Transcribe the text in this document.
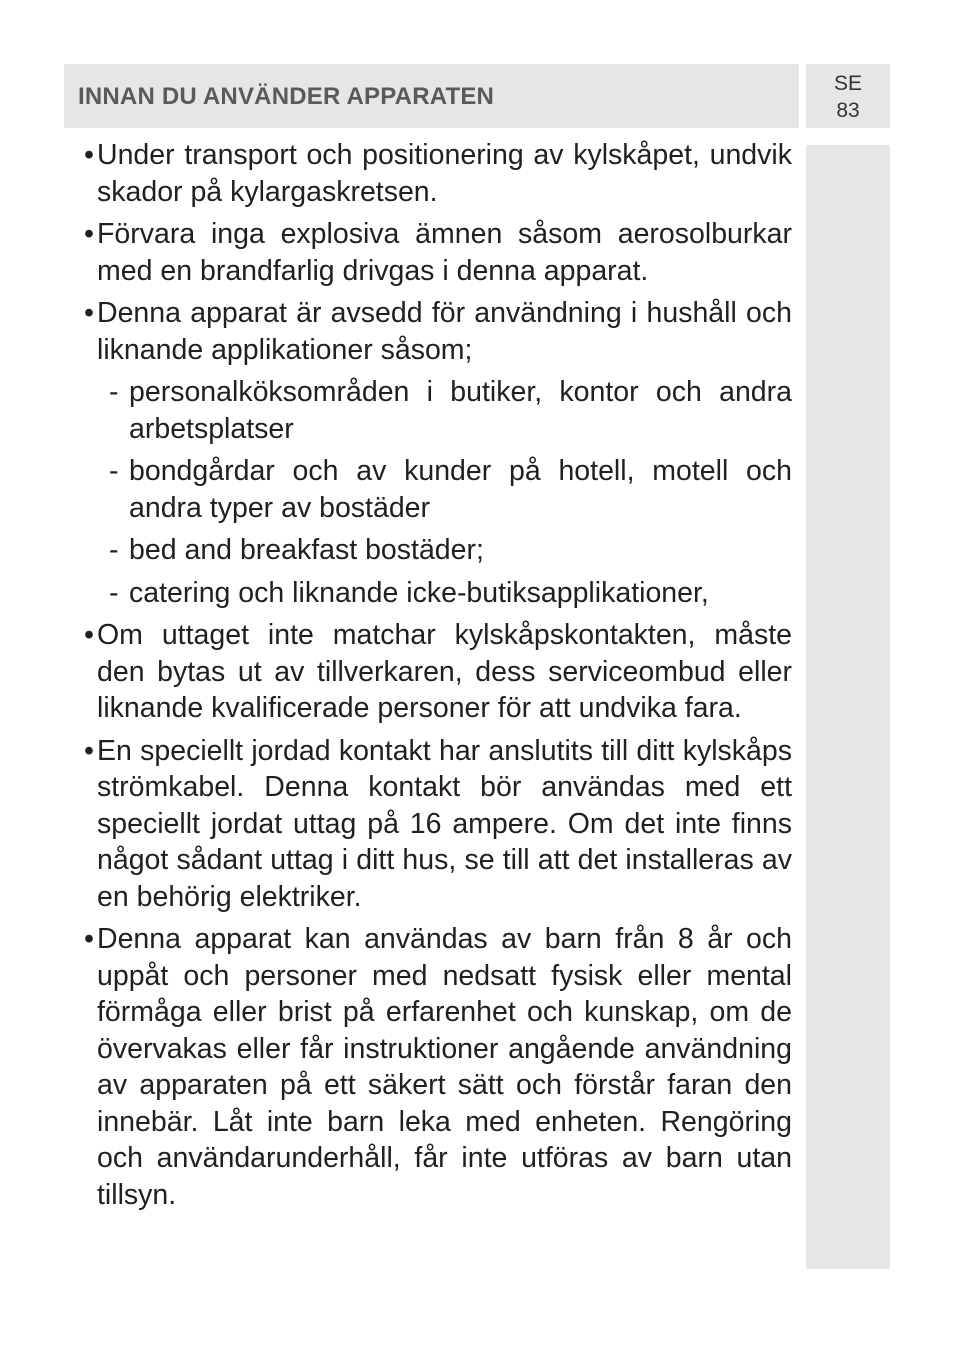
INNAN DU ANVÄNDER APPARATEN	SE
83
• Under transport och positionering av kylskåpet, undvik skador på kylargaskretsen.
• Förvara inga explosiva ämnen såsom aerosolburkar med en brandfarlig drivgas i denna apparat.
• Denna apparat är avsedd för användning i hushåll och liknande applikationer såsom;
- personalköksområden i butiker, kontor och andra arbetsplatser
- bondgårdar och av kunder på hotell, motell och andra typer av bostäder
- bed and breakfast bostäder;
- catering och liknande icke-butiksapplikationer,
• Om uttaget inte matchar kylskåpskontakten, måste den bytas ut av tillverkaren, dess serviceombud eller liknande kvalificerade personer för att undvika fara.
• En speciellt jordad kontakt har anslutits till ditt kylskåps strömkabel. Denna kontakt bör användas med ett speciellt jordat uttag på 16 ampere. Om det inte finns något sådant uttag i ditt hus, se till att det installeras av en behörig elektriker.
• Denna apparat kan användas av barn från 8 år och uppåt och personer med nedsatt fysisk eller mental förmåga eller brist på erfarenhet och kunskap, om de övervakas eller får instruktioner angående användning av apparaten på ett säkert sätt och förstår faran den innebär. Låt inte barn leka med enheten. Rengöring och användarunderhåll, får inte utföras av barn utan tillsyn.
